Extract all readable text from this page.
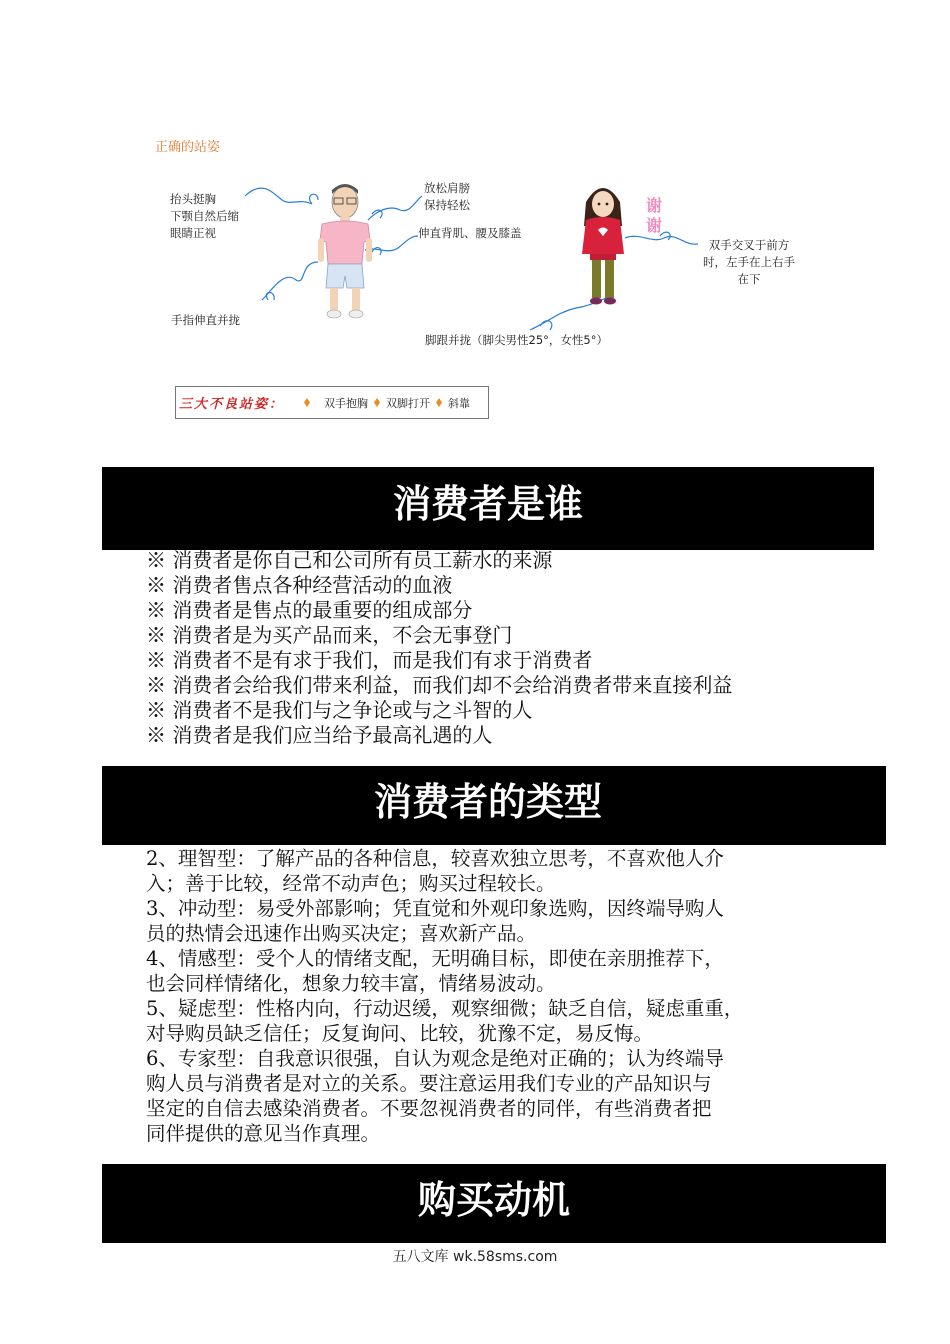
正确的站姿
谢
谢
抬头挺胸
下颚自然后缩
眼睛正视
放松肩膀
保持轻松
伸直背肌、腰及膝盖
手指伸直并拢
脚跟并拢（脚尖男性25°，女性5°）
双手交叉于前方
时，左手在上右手
在下
三大不良站姿：	双手抱胸 双脚打开 斜靠
消费者是谁
※ 消费者是你自己和公司所有员工薪水的来源
※ 消费者售点各种经营活动的血液
※ 消费者是售点的最重要的组成部分
※ 消费者是为买产品而来，不会无事登门
※ 消费者不是有求于我们，而是我们有求于消费者
※ 消费者会给我们带来利益，而我们却不会给消费者带来直接利益
※ 消费者不是我们与之争论或与之斗智的人
※ 消费者是我们应当给予最高礼遇的人
消费者的类型
2、理智型：了解产品的各种信息，较喜欢独立思考，不喜欢他人介
入；善于比较，经常不动声色；购买过程较长。
3、冲动型：易受外部影响；凭直觉和外观印象选购，因终端导购人
员的热情会迅速作出购买决定；喜欢新产品。
4、情感型：受个人的情绪支配，无明确目标，即使在亲朋推荐下，
也会同样情绪化，想象力较丰富，情绪易波动。
5、疑虑型：性格内向，行动迟缓，观察细微；缺乏自信，疑虑重重，
对导购员缺乏信任；反复询问、比较，犹豫不定，易反悔。
6、专家型：自我意识很强，自认为观念是绝对正确的；认为终端导
购人员与消费者是对立的关系。要注意运用我们专业的产品知识与
坚定的自信去感染消费者。不要忽视消费者的同伴，有些消费者把
同伴提供的意见当作真理。
购买动机
五八文库 wk.58sms.com
